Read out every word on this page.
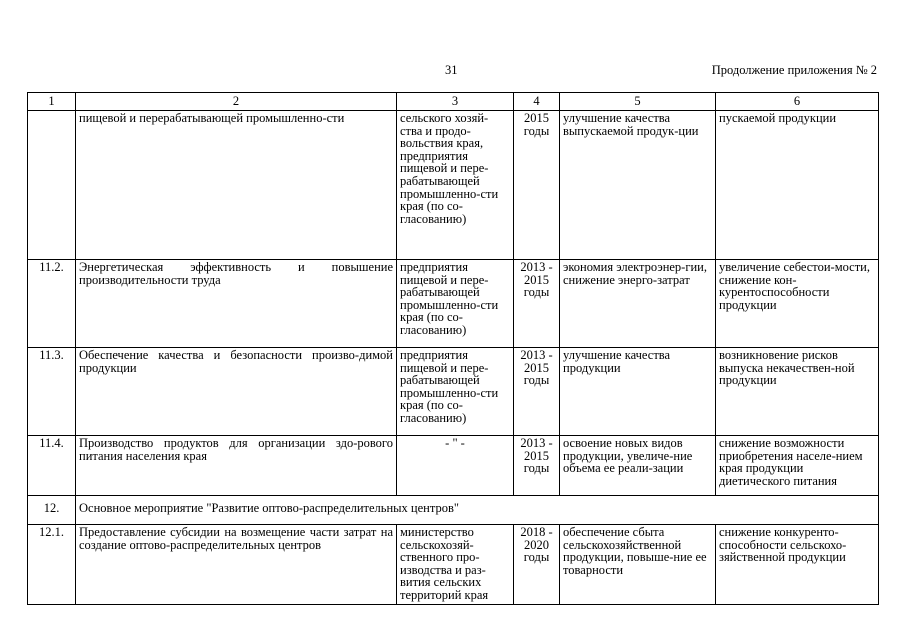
31	Продолжение приложения № 2
1	2	3	4	5	6
	пищевой и перерабатывающей промышленно-сти	сельского хозяй-ства и продо-вольствия края, предприятия пищевой и пере-рабатывающей промышленно-сти края (по со-гласованию)	2015 годы	улучшение качества выпускаемой продук-ции	пускаемой продукции
11.2.	Энергетическая эффективность и повышение производительности труда	предприятия пищевой и пере-рабатывающей промышленно-сти края (по со-гласованию)	2013 - 2015 годы	экономия электроэнер-гии, снижение энерго-затрат	увеличение себестои-мости, снижение кон-курентоспособности продукции
11.3.	Обеспечение качества и безопасности произво-димой продукции	предприятия пищевой и пере-рабатывающей промышленно-сти края (по со-гласованию)	2013 - 2015 годы	улучшение качества продукции	возникновение рисков выпуска некачествен-ной продукции
11.4.	Производство продуктов для организации здо-рового питания населения края	- " -	2013 - 2015 годы	освоение новых видов продукции, увеличе-ние объема ее реали-зации	снижение возможности приобретения населе-нием края продукции диетического питания
12.	Основное мероприятие "Развитие оптово-распределительных центров"				
12.1.	Предоставление субсидии на возмещение части затрат на создание оптово-распределительных центров	министерство сельскохозяй-ственного про-изводства и раз-вития сельских территорий края	2018 - 2020 годы	обеспечение сбыта сельскохозяйственной продукции, повыше-ние ее товарности	снижение конкуренто-способности сельскохо-зяйственной продукции
